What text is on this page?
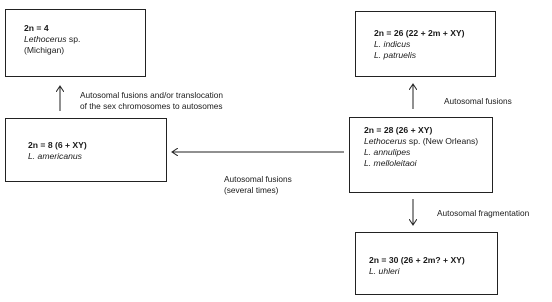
2n = 4
Lethocerus sp.
(Michigan)
2n = 26 (22 + 2m + XY)
L. indicus
L. patruelis
2n = 8 (6 + XY)
L. americanus
2n = 28 (26 + XY)
Lethocerus sp. (New Orleans)
L. annulipes
L. melloleitaoi
2n = 30 (26 + 2m? + XY)
L. uhleri
Autosomal fusions and/or translocation
of the sex chromosomes to autosomes	Autosomal fusions
Autosomal fusions
(several times)
Autosomal fragmentation
